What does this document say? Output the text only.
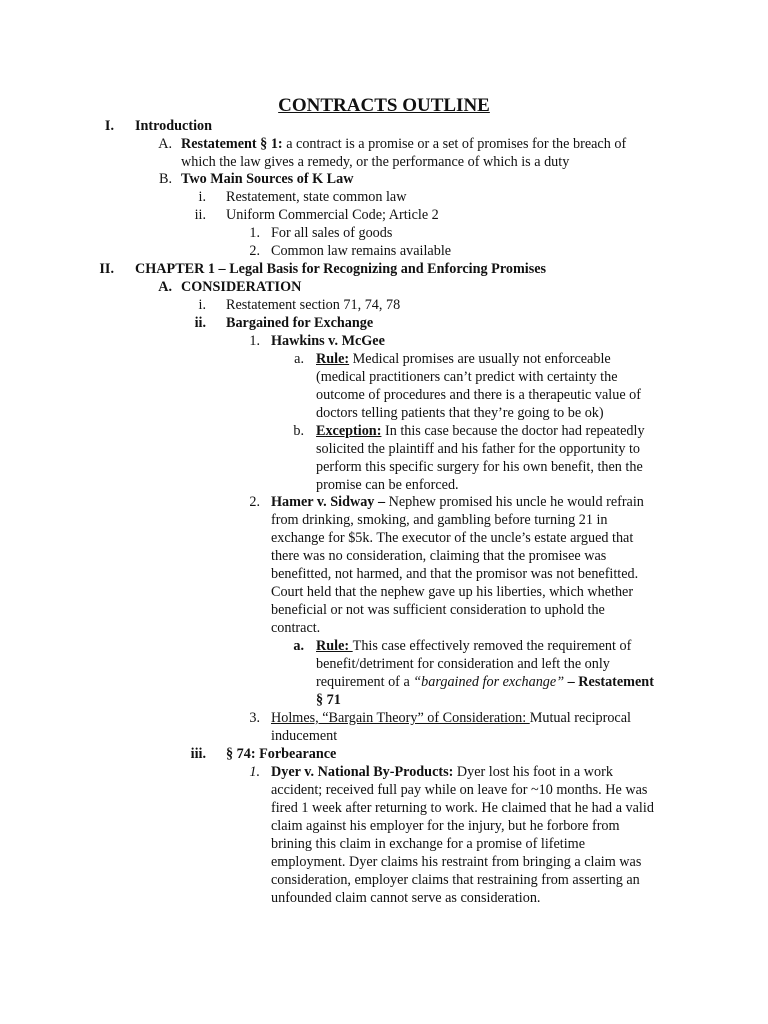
CONTRACTS OUTLINE
I. Introduction
A. Restatement § 1: a contract is a promise or a set of promises for the breach of
which the law gives a remedy, or the performance of which is a duty
B. Two Main Sources of K Law
i. Restatement, state common law
ii. Uniform Commercial Code; Article 2
1. For all sales of goods
2. Common law remains available
II. CHAPTER 1 – Legal Basis for Recognizing and Enforcing Promises
A. CONSIDERATION
i. Restatement section 71, 74, 78
ii. Bargained for Exchange
1. Hawkins v. McGee
a. Rule: Medical promises are usually not enforceable
(medical practitioners can’t predict with certainty the
outcome of procedures and there is a therapeutic value of
doctors telling patients that they’re going to be ok)
b. Exception: In this case because the doctor had repeatedly
solicited the plaintiff and his father for the opportunity to
perform this specific surgery for his own benefit, then the
promise can be enforced.
2. Hamer v. Sidway – Nephew promised his uncle he would refrain
from drinking, smoking, and gambling before turning 21 in
exchange for $5k. The executor of the uncle’s estate argued that
there was no consideration, claiming that the promisee was
benefitted, not harmed, and that the promisor was not benefitted.
Court held that the nephew gave up his liberties, which whether
beneficial or not was sufficient consideration to uphold the
contract.
a. Rule: This case effectively removed the requirement of
benefit/detriment for consideration and left the only
requirement of a “bargained for exchange” – Restatement
§ 71
3. Holmes, “Bargain Theory” of Consideration: Mutual reciprocal
inducement
iii. § 74: Forbearance
1. Dyer v. National By-Products: Dyer lost his foot in a work
accident; received full pay while on leave for ~10 months. He was
fired 1 week after returning to work. He claimed that he had a valid
claim against his employer for the injury, but he forbore from
brining this claim in exchange for a promise of lifetime
employment. Dyer claims his restraint from bringing a claim was
consideration, employer claims that restraining from asserting an
unfounded claim cannot serve as consideration.
